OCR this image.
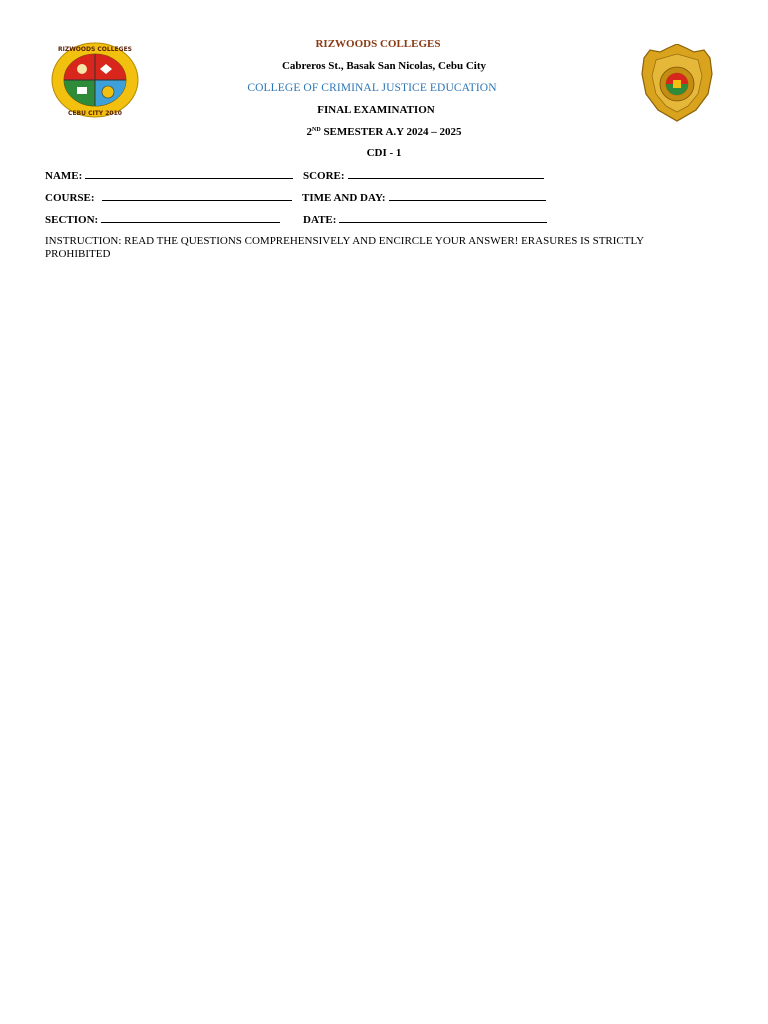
RIZWOODS COLLEGES
CEBU CITY 2010
RIZWOODS COLLEGES
Cabreros St., Basak San Nicolas, Cebu City
COLLEGE OF CRIMINAL JUSTICE EDUCATION
FINAL EXAMINATION
2ND SEMESTER A.Y 2024 – 2025
CDI - 1
NAME:	SCORE:
COURSE:	TIME AND DAY:
SECTION:	DATE:
INSTRUCTION: READ THE QUESTIONS COMPREHENSIVELY AND ENCIRCLE YOUR ANSWER! ERASURES IS STRICTLY PROHIBITED
